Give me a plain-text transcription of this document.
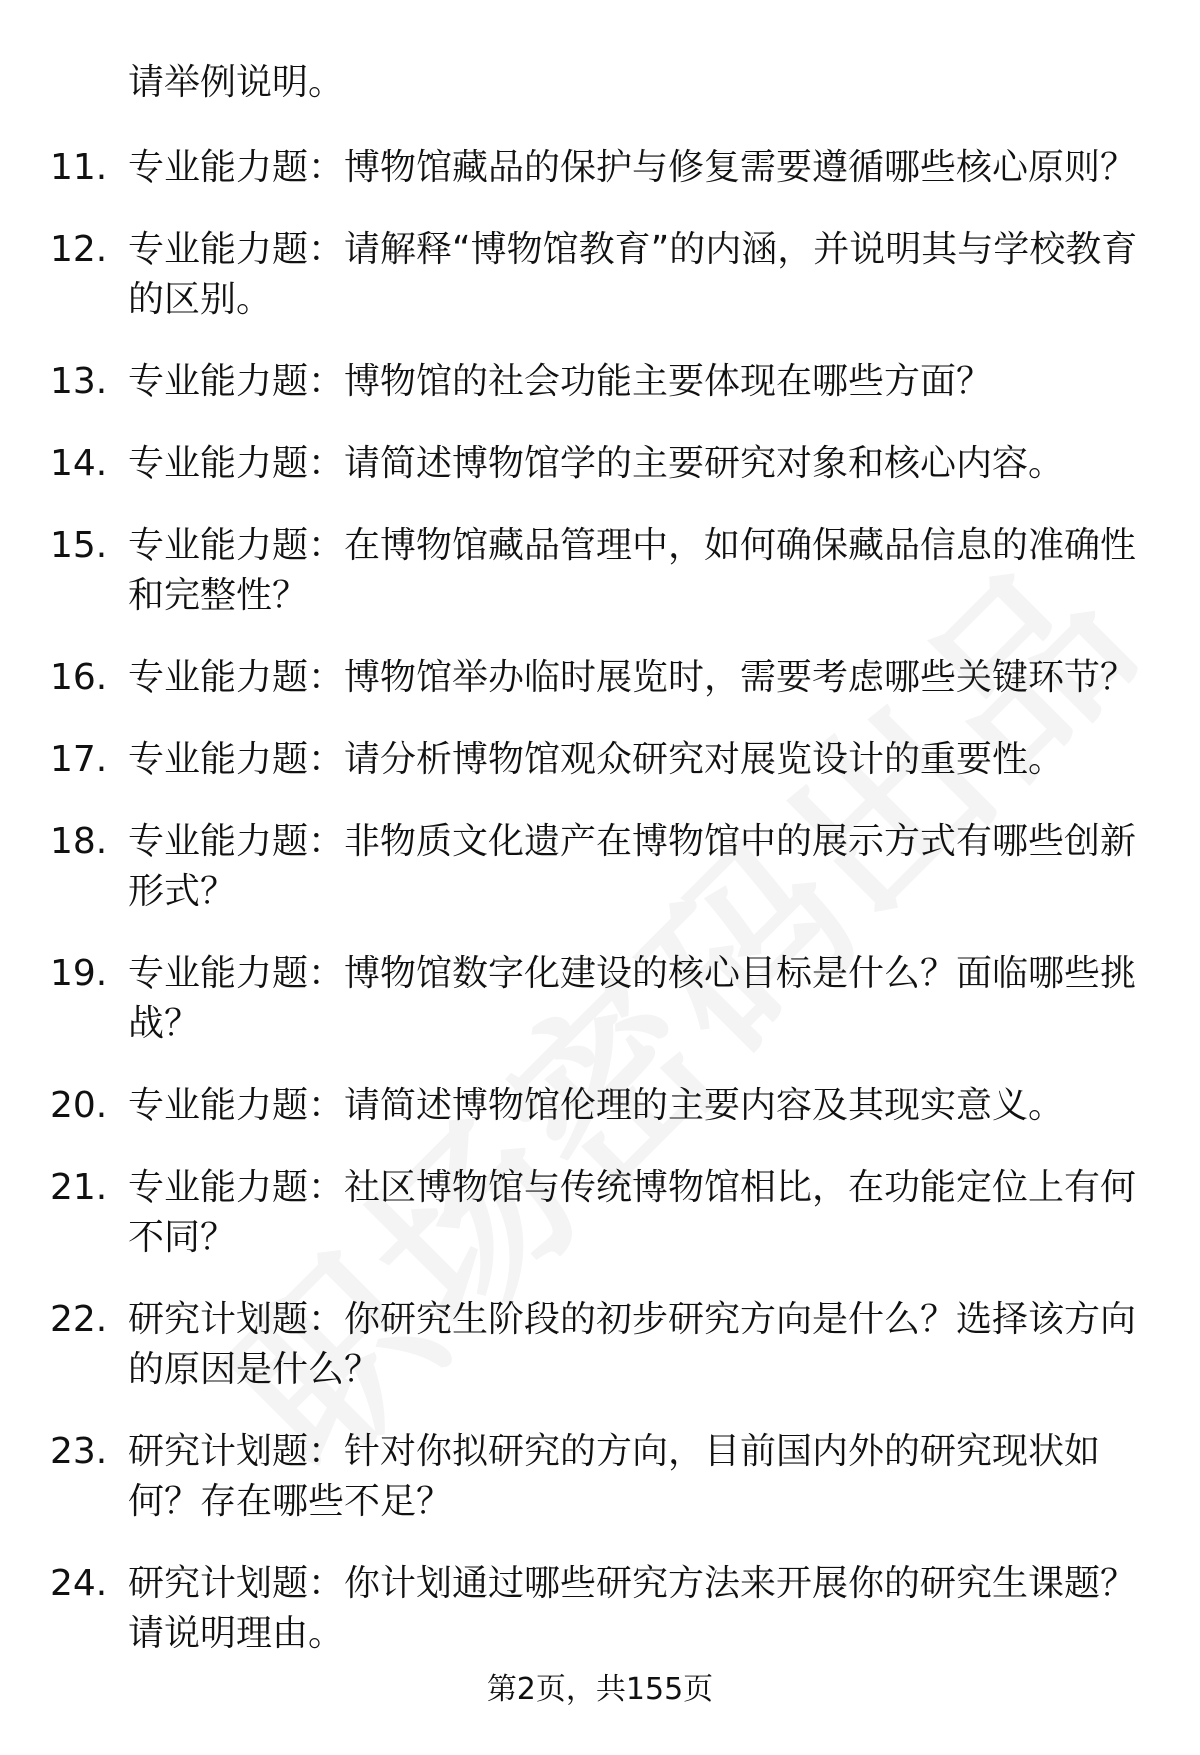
请举例说明。
11. 专业能力题：博物馆藏品的保护与修复需要遵循哪些核心原则？
12. 专业能力题：请解释“博物馆教育”的内涵，并说明其与学校教育的区别。
13. 专业能力题：博物馆的社会功能主要体现在哪些方面？
14. 专业能力题：请简述博物馆学的主要研究对象和核心内容。
15. 专业能力题：在博物馆藏品管理中，如何确保藏品信息的准确性和完整性？
16. 专业能力题：博物馆举办临时展览时，需要考虑哪些关键环节？
17. 专业能力题：请分析博物馆观众研究对展览设计的重要性。
18. 专业能力题：非物质文化遗产在博物馆中的展示方式有哪些创新形式？
19. 专业能力题：博物馆数字化建设的核心目标是什么？面临哪些挑战？
20. 专业能力题：请简述博物馆伦理的主要内容及其现实意义。
21. 专业能力题：社区博物馆与传统博物馆相比，在功能定位上有何不同？
22. 研究计划题：你研究生阶段的初步研究方向是什么？选择该方向的原因是什么？
23. 研究计划题：针对你拟研究的方向，目前国内外的研究现状如何？存在哪些不足？
24. 研究计划题：你计划通过哪些研究方法来开展你的研究生课题？请说明理由。
第2页，共155页
